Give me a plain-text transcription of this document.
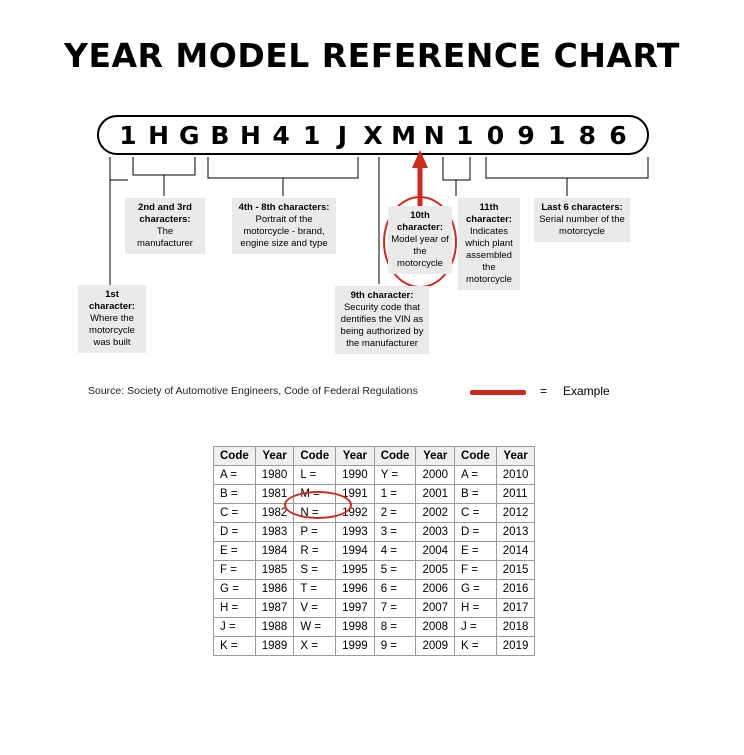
YEAR MODEL REFERENCE CHART
1 H G B H 4 1 J X M N 1 0 9 1 8 6
1st character:
Where the motorcycle was built
2nd and 3rd characters:
The manufacturer
4th - 8th characters:
Portrait of the motorcycle - brand, engine size and type
9th character:
Security code that dentifies the VIN as being authorized by the manufacturer
10th character:
Model year of the motorcycle
11th character:
Indicates which plant assembled the motorcycle
Last 6 characters:
Serial number of the motorcycle
Source: Society of Automotive Engineers, Code of Federal Regulations	= Example
Code	Year	Code	Year	Code	Year	Code	Year
A =	1980	L =	1990	Y =	2000	A =	2010
B =	1981	M =	1991	1 =	2001	B =	2011
C =	1982	N =	1992	2 =	2002	C =	2012
D =	1983	P =	1993	3 =	2003	D =	2013
E =	1984	R =	1994	4 =	2004	E =	2014
F =	1985	S =	1995	5 =	2005	F =	2015
G =	1986	T =	1996	6 =	2006	G =	2016
H =	1987	V =	1997	7 =	2007	H =	2017
J =	1988	W =	1998	8 =	2008	J =	2018
K =	1989	X =	1999	9 =	2009	K =	2019
